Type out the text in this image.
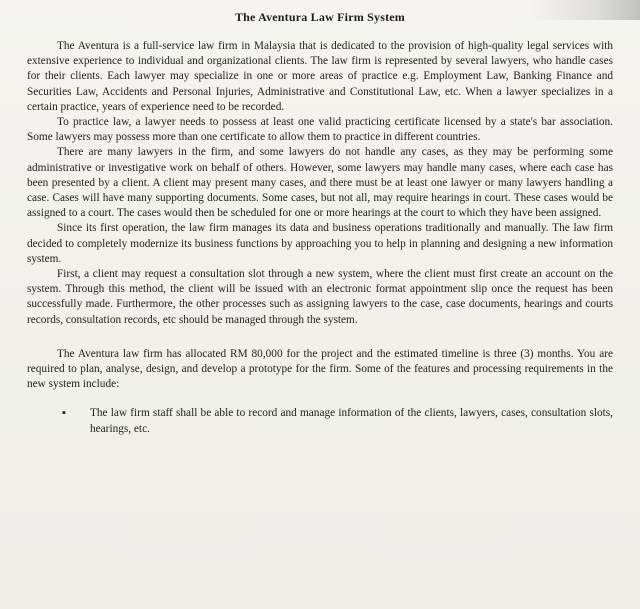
The Aventura Law Firm System

The Aventura is a full-service law firm in Malaysia that is dedicated to the provision of high-quality legal services with extensive experience to individual and organizational clients. The law firm is represented by several lawyers, who handle cases for their clients. Each lawyer may specialize in one or more areas of practice e.g. Employment Law, Banking Finance and Securities Law, Accidents and Personal Injuries, Administrative and Constitutional Law, etc. When a lawyer specializes in a certain practice, years of experience need to be recorded.

To practice law, a lawyer needs to possess at least one valid practicing certificate licensed by a state's bar association. Some lawyers may possess more than one certificate to allow them to practice in different countries.

There are many lawyers in the firm, and some lawyers do not handle any cases, as they may be performing some administrative or investigative work on behalf of others. However, some lawyers may handle many cases, where each case has been presented by a client. A client may present many cases, and there must be at least one lawyer or many lawyers handling a case. Cases will have many supporting documents. Some cases, but not all, may require hearings in court. These cases would be assigned to a court. The cases would then be scheduled for one or more hearings at the court to which they have been assigned.

Since its first operation, the law firm manages its data and business operations traditionally and manually. The law firm decided to completely modernize its business functions by approaching you to help in planning and designing a new information system.

First, a client may request a consultation slot through a new system, where the client must first create an account on the system. Through this method, the client will be issued with an electronic format appointment slip once the request has been successfully made. Furthermore, the other processes such as assigning lawyers to the case, case documents, hearings and courts records, consultation records, etc should be managed through the system.

The Aventura law firm has allocated RM 80,000 for the project and the estimated timeline is three (3) months. You are required to plan, analyse, design, and develop a prototype for the firm. Some of the features and processing requirements in the new system include:

▪ The law firm staff shall be able to record and manage information of the clients, lawyers, cases, consultation slots, hearings, etc.
